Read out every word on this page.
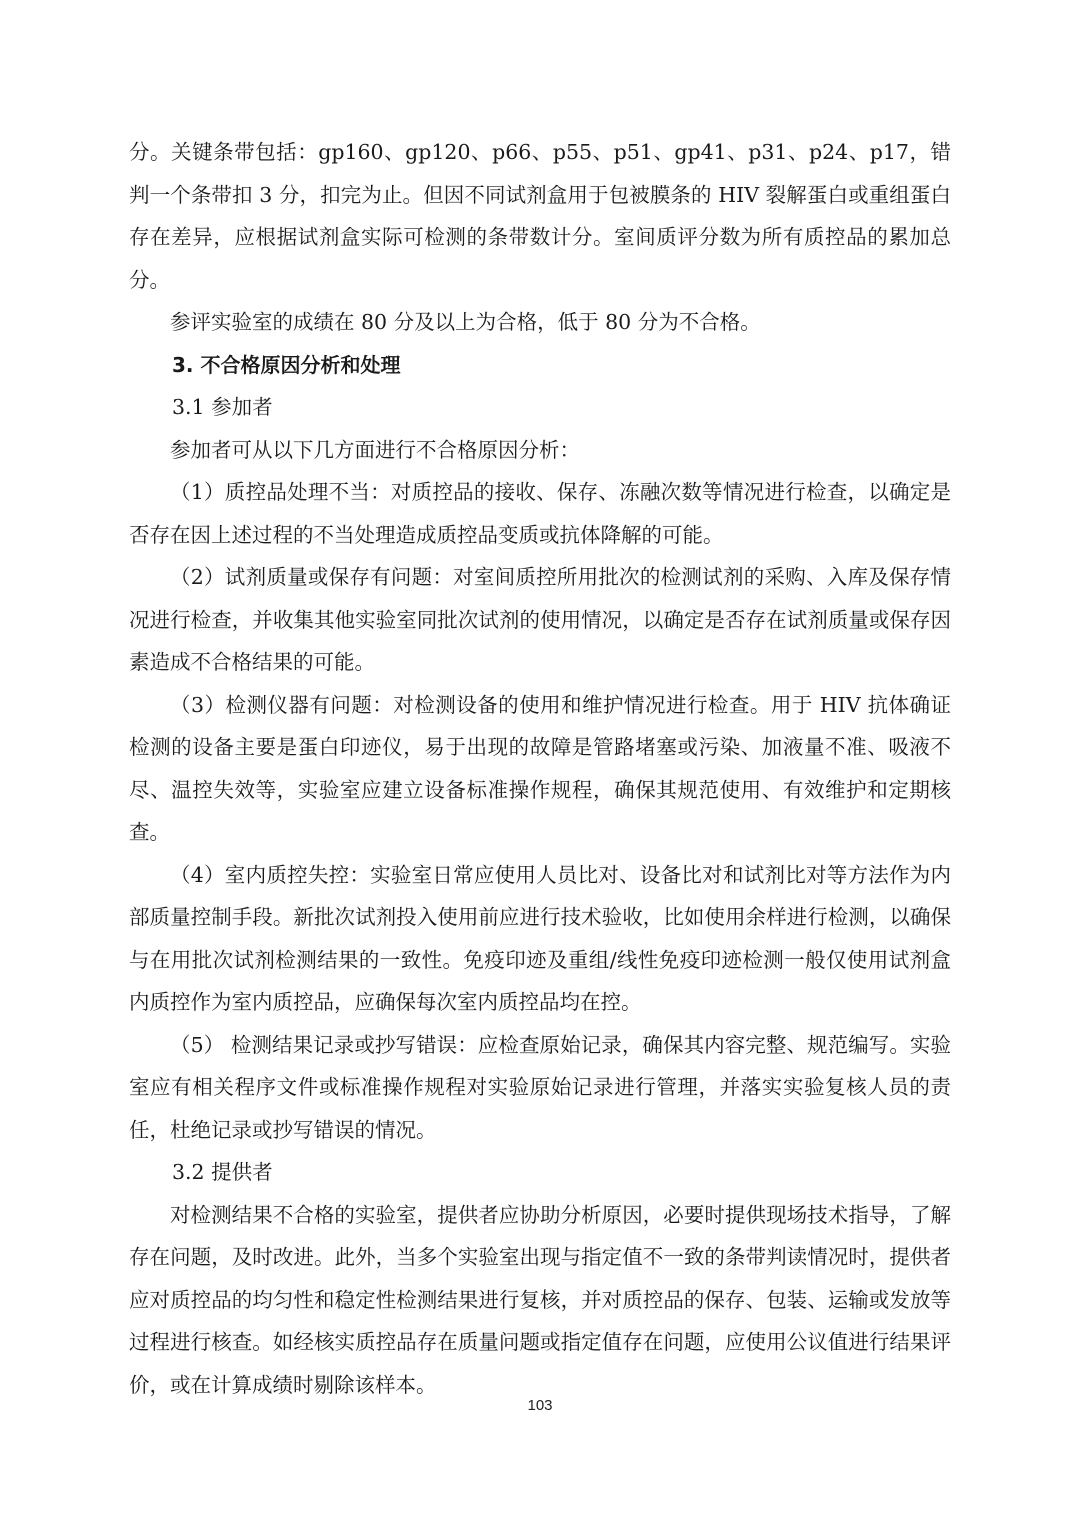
分。关键条带包括：gp160、gp120、p66、p55、p51、gp41、p31、p24、p17，错判一个条带扣 3 分，扣完为止。但因不同试剂盒用于包被膜条的 HIV 裂解蛋白或重组蛋白存在差异，应根据试剂盒实际可检测的条带数计分。室间质评分数为所有质控品的累加总分。

参评实验室的成绩在 80 分及以上为合格，低于 80 分为不合格。

3. 不合格原因分析和处理

3.1 参加者

参加者可从以下几方面进行不合格原因分析：

（1）质控品处理不当：对质控品的接收、保存、冻融次数等情况进行检查，以确定是否存在因上述过程的不当处理造成质控品变质或抗体降解的可能。

（2）试剂质量或保存有问题：对室间质控所用批次的检测试剂的采购、入库及保存情况进行检查，并收集其他实验室同批次试剂的使用情况，以确定是否存在试剂质量或保存因素造成不合格结果的可能。

（3）检测仪器有问题：对检测设备的使用和维护情况进行检查。用于 HIV 抗体确证检测的设备主要是蛋白印迹仪，易于出现的故障是管路堵塞或污染、加液量不准、吸液不尽、温控失效等，实验室应建立设备标准操作规程，确保其规范使用、有效维护和定期核查。

（4）室内质控失控：实验室日常应使用人员比对、设备比对和试剂比对等方法作为内部质量控制手段。新批次试剂投入使用前应进行技术验收，比如使用余样进行检测，以确保与在用批次试剂检测结果的一致性。免疫印迹及重组/线性免疫印迹检测一般仅使用试剂盒内质控作为室内质控品，应确保每次室内质控品均在控。

（5） 检测结果记录或抄写错误：应检查原始记录，确保其内容完整、规范编写。实验室应有相关程序文件或标准操作规程对实验原始记录进行管理，并落实实验复核人员的责任，杜绝记录或抄写错误的情况。

3.2 提供者

对检测结果不合格的实验室，提供者应协助分析原因，必要时提供现场技术指导，了解存在问题，及时改进。此外，当多个实验室出现与指定值不一致的条带判读情况时，提供者应对质控品的均匀性和稳定性检测结果进行复核，并对质控品的保存、包装、运输或发放等过程进行核查。如经核实质控品存在质量问题或指定值存在问题，应使用公议值进行结果评价，或在计算成绩时剔除该样本。

103
